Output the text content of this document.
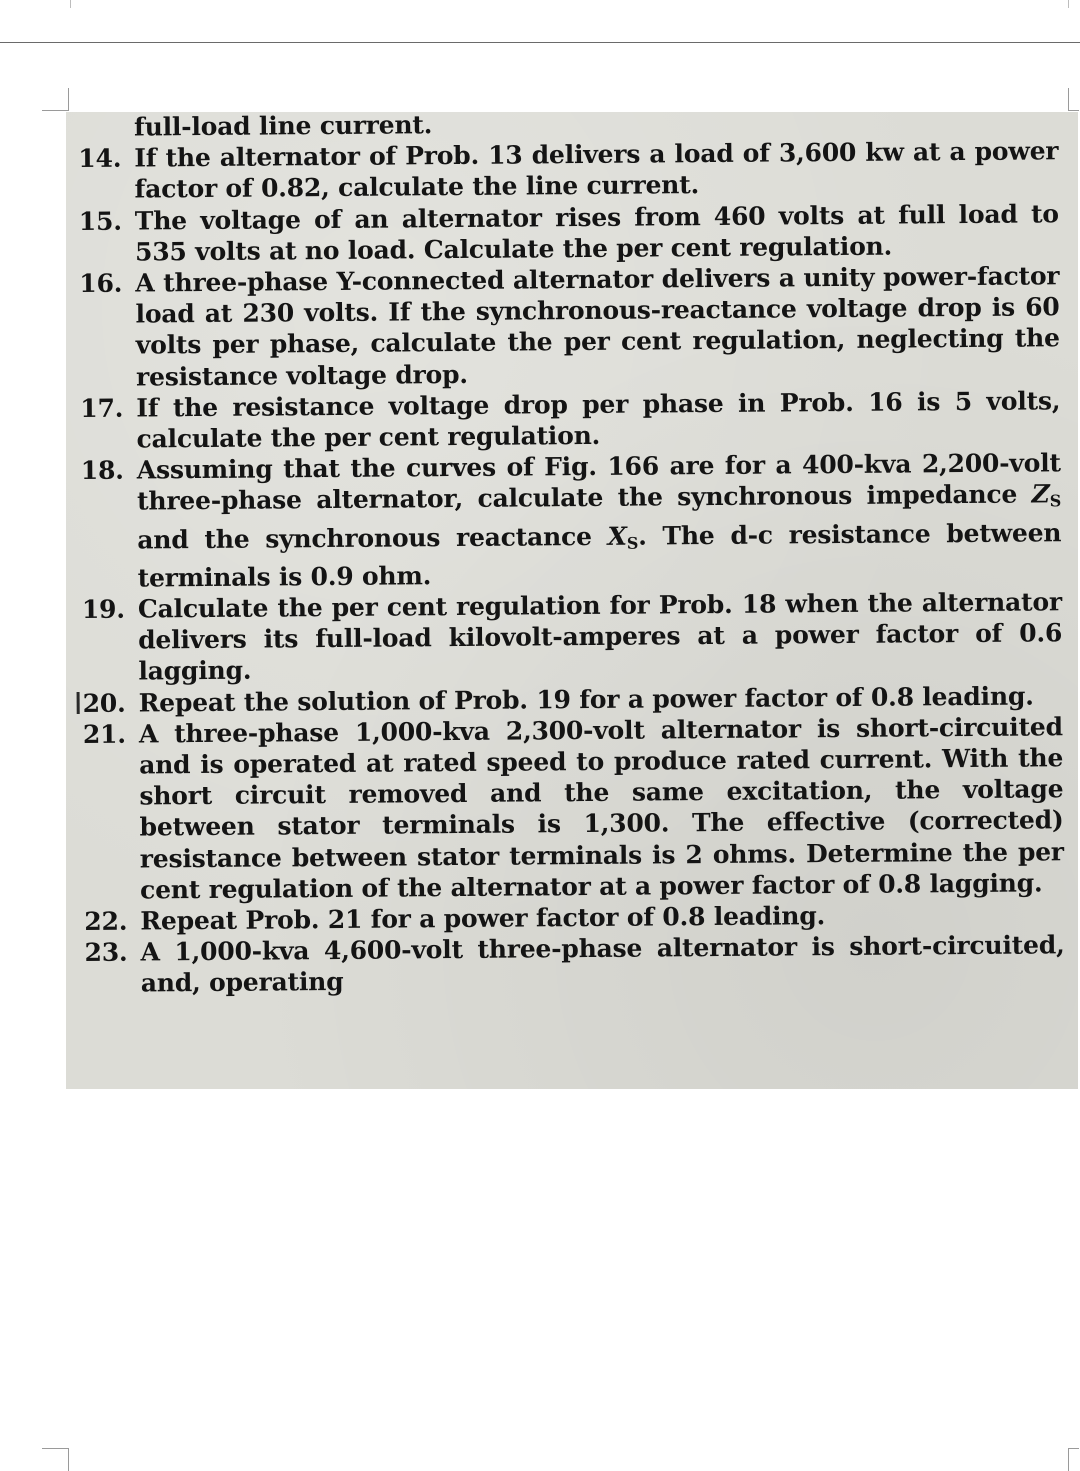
full-load line current.
14. If the alternator of Prob. 13 delivers a load of 3,600 kw at a power factor of 0.82, calculate the line current.
15. The voltage of an alternator rises from 460 volts at full load to 535 volts at no load. Calculate the per cent regulation.
16. A three-phase Y-connected alternator delivers a unity power-factor load at 230 volts. If the synchronous-reactance voltage drop is 60 volts per phase, calculate the per cent regulation, neglecting the resistance voltage drop.
17. If the resistance voltage drop per phase in Prob. 16 is 5 volts, calculate the per cent regulation.
18. Assuming that the curves of Fig. 166 are for a 400-kva 2,200-volt three-phase alternator, calculate the synchronous impedance $Z_S$ and the synchronous reactance $X_S$. The d-c resistance between terminals is 0.9 ohm.
19. Calculate the per cent regulation for Prob. 18 when the alternator delivers its full-load kilovolt-amperes at a power factor of 0.6 lagging.
20. Repeat the solution of Prob. 19 for a power factor of 0.8 leading.
21. A three-phase 1,000-kva 2,300-volt alternator is short-circuited and is operated at rated speed to produce rated current. With the short circuit removed and the same excitation, the voltage between stator terminals is 1,300. The effective (corrected) resistance between stator terminals is 2 ohms. Determine the per cent regulation of the alternator at a power factor of 0.8 lagging.
22. Repeat Prob. 21 for a power factor of 0.8 leading.
23. A 1,000-kva 4,600-volt three-phase alternator is short-circuited, and, operating
